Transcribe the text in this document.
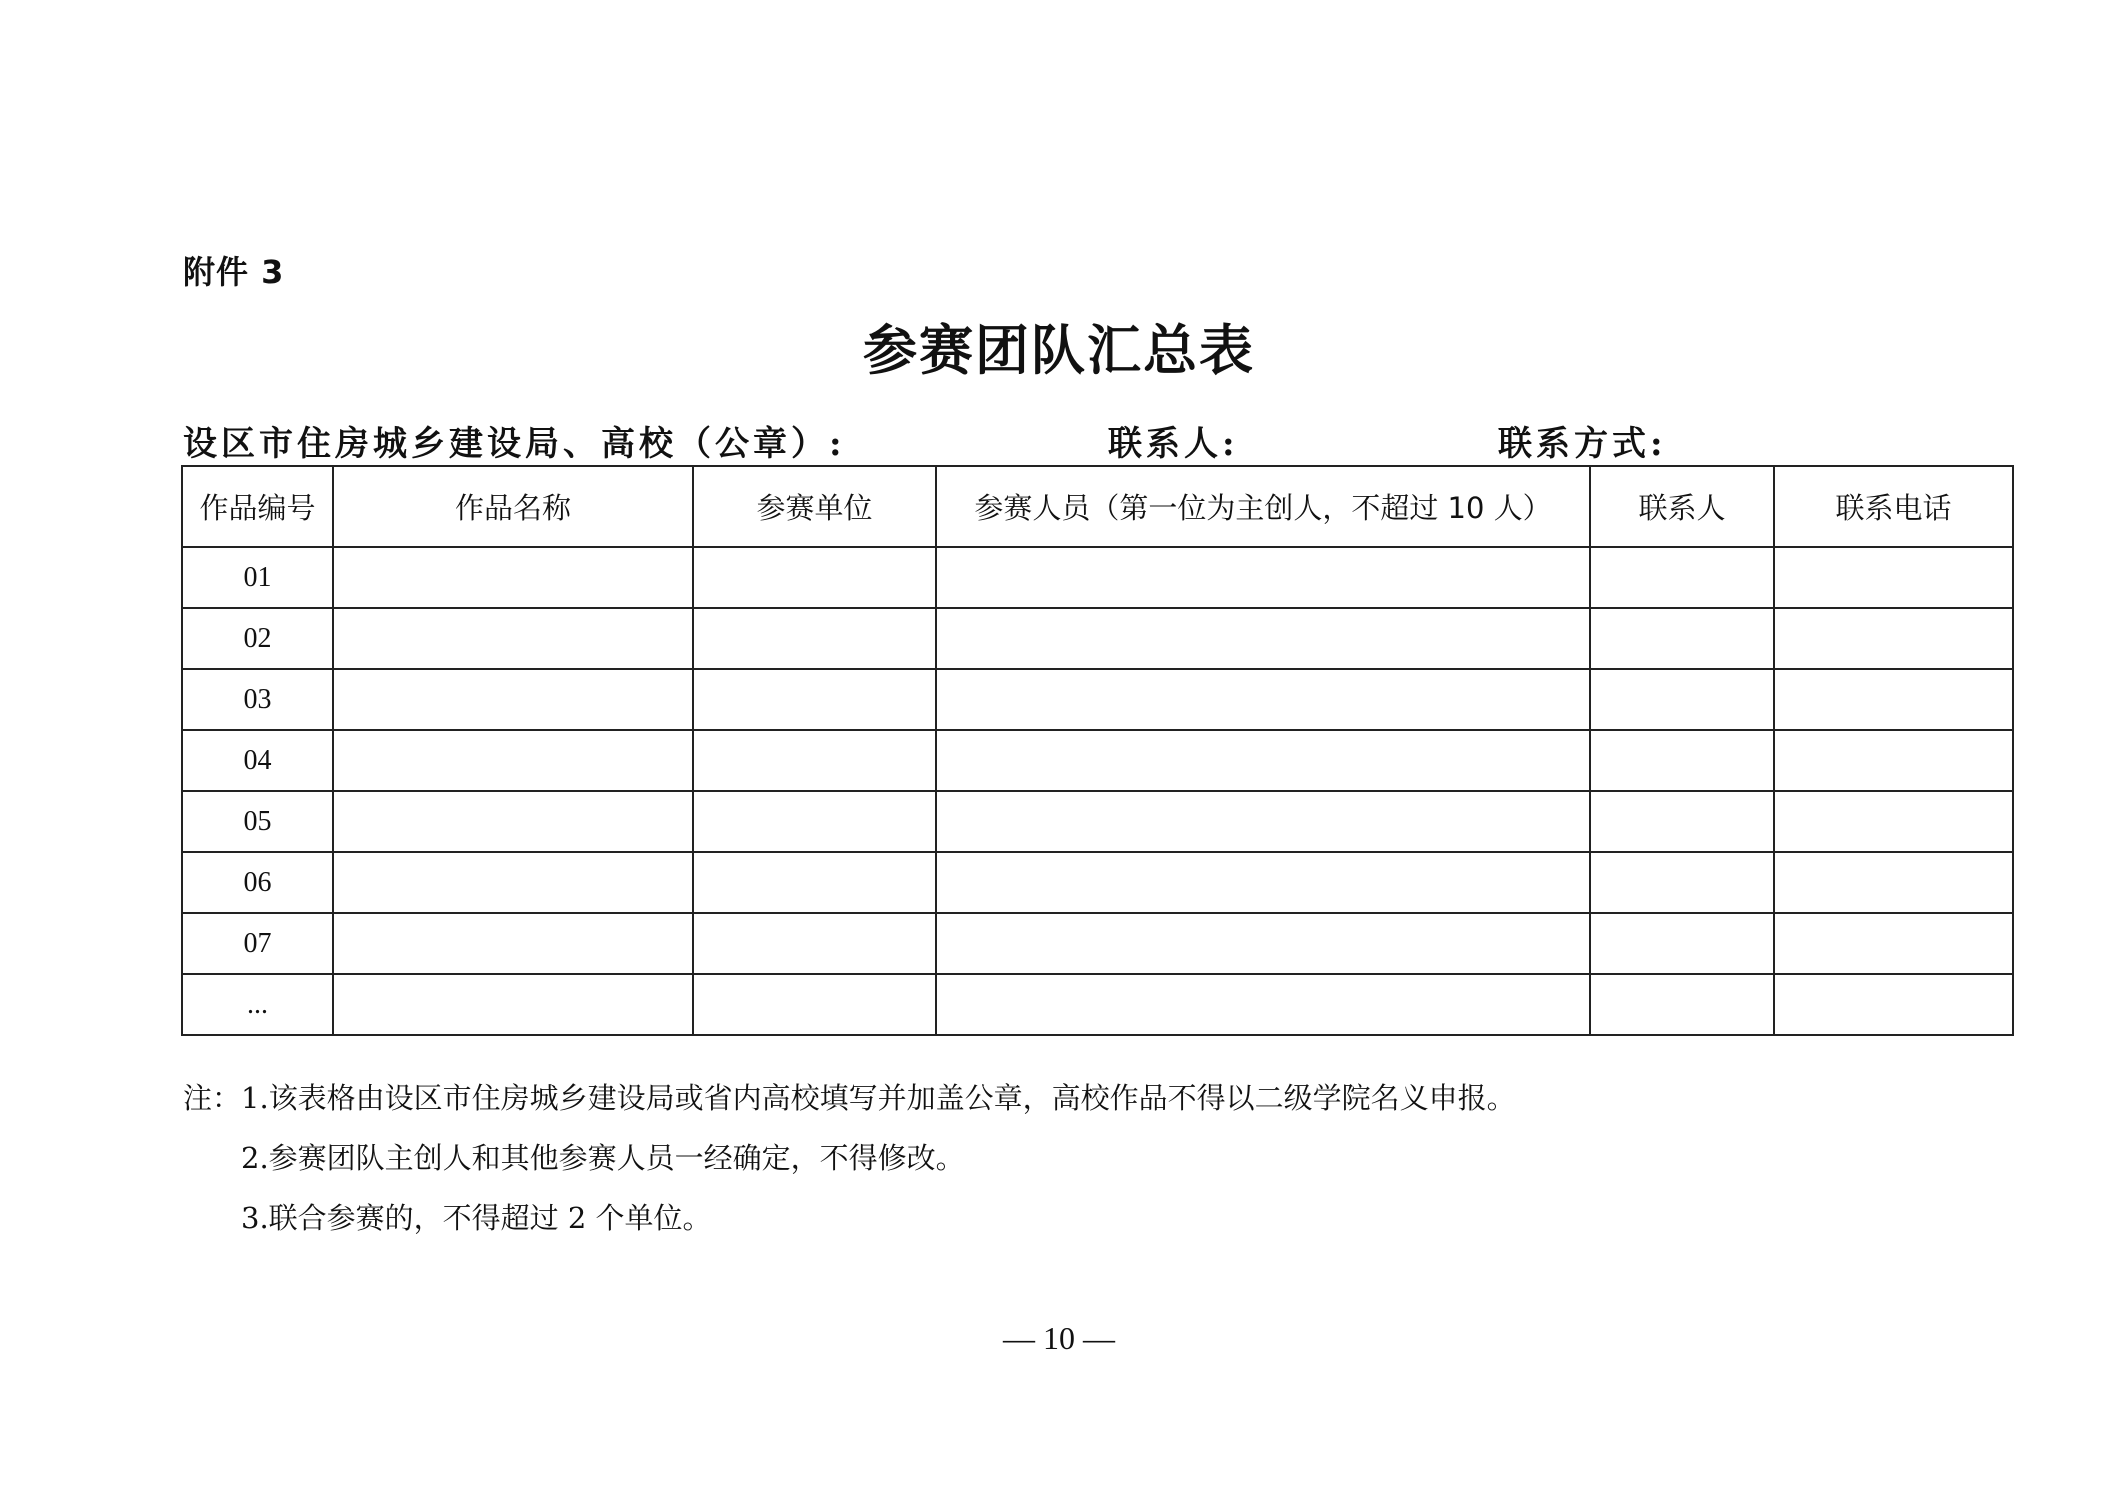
附件 3
参赛团队汇总表
设区市住房城乡建设局、高校（公章）:	联系人:	联系方式:
作品编号	作品名称	参赛单位	参赛人员（第一位为主创人，不超过 10 人）	联系人	联系电话
01					
02					
03					
04					
05					
06					
07					
...					
注：1.该表格由设区市住房城乡建设局或省内高校填写并加盖公章，高校作品不得以二级学院名义申报。
2.参赛团队主创人和其他参赛人员一经确定，不得修改。
3.联合参赛的，不得超过 2 个单位。
— 10 —
